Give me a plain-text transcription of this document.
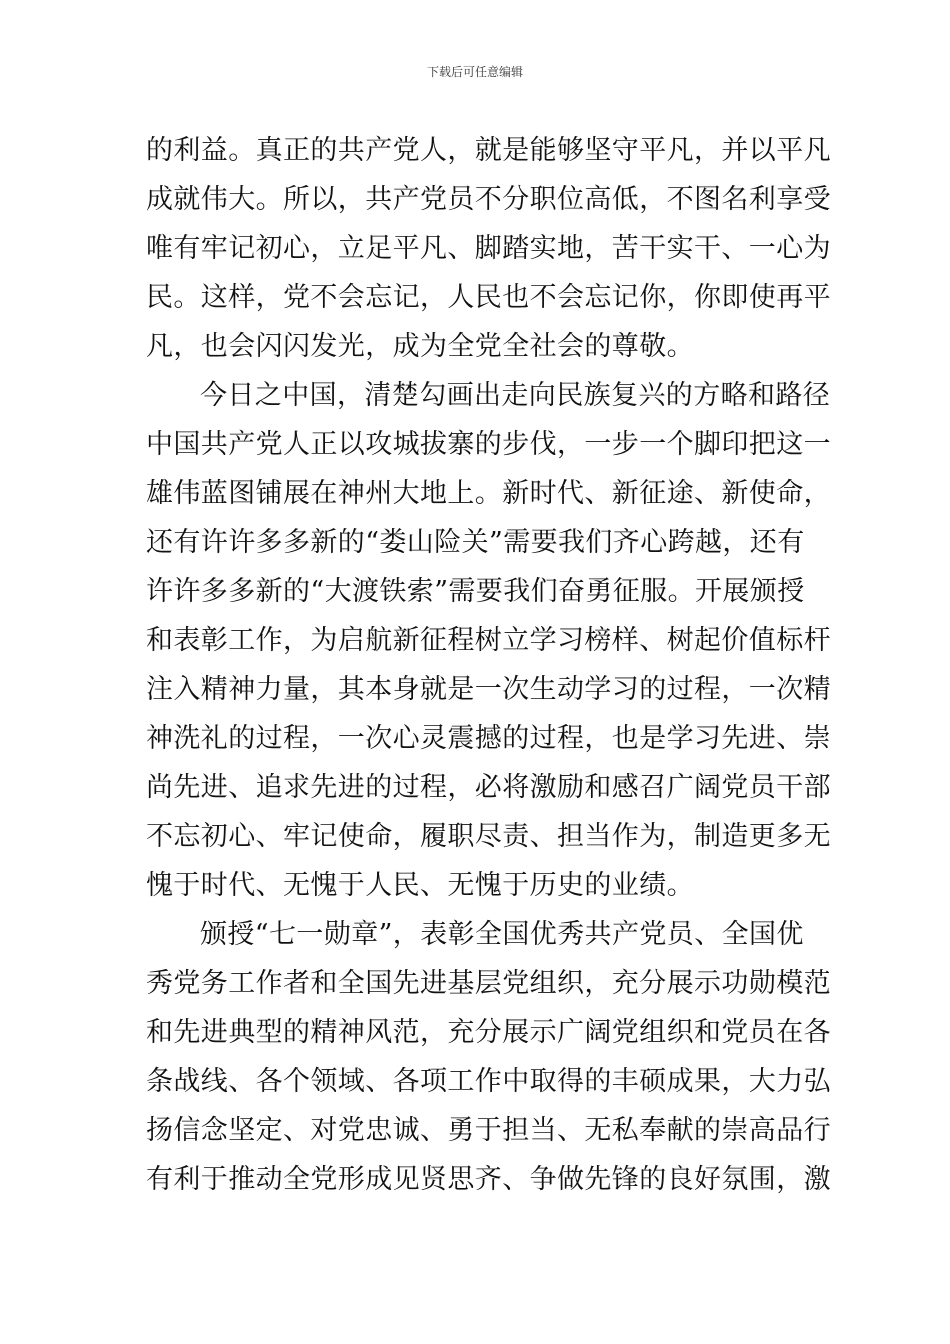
下载后可任意编辑
的利益。真正的共产党人，就是能够坚守平凡，并以平凡
成就伟大。所以，共产党员不分职位高低，不图名利享受
唯有牢记初心，立足平凡、脚踏实地，苦干实干、一心为
民。这样，党不会忘记，人民也不会忘记你，你即使再平
凡，也会闪闪发光，成为全党全社会的尊敬。
今日之中国，清楚勾画出走向民族复兴的方略和路径
中国共产党人正以攻城拔寨的步伐，一步一个脚印把这一
雄伟蓝图铺展在神州大地上。新时代、新征途、新使命，
还有许许多多新的“娄山险关”需要我们齐心跨越，还有
许许多多新的“大渡铁索”需要我们奋勇征服。开展颁授
和表彰工作，为启航新征程树立学习榜样、树起价值标杆
注入精神力量，其本身就是一次生动学习的过程，一次精
神洗礼的过程，一次心灵震撼的过程，也是学习先进、崇
尚先进、追求先进的过程，必将激励和感召广阔党员干部
不忘初心、牢记使命，履职尽责、担当作为，制造更多无
愧于时代、无愧于人民、无愧于历史的业绩。
颁授“七一勋章”，表彰全国优秀共产党员、全国优
秀党务工作者和全国先进基层党组织，充分展示功勋模范
和先进典型的精神风范，充分展示广阔党组织和党员在各
条战线、各个领域、各项工作中取得的丰硕成果，大力弘
扬信念坚定、对党忠诚、勇于担当、无私奉献的崇高品行
有利于推动全党形成见贤思齐、争做先锋的良好氛围，激
